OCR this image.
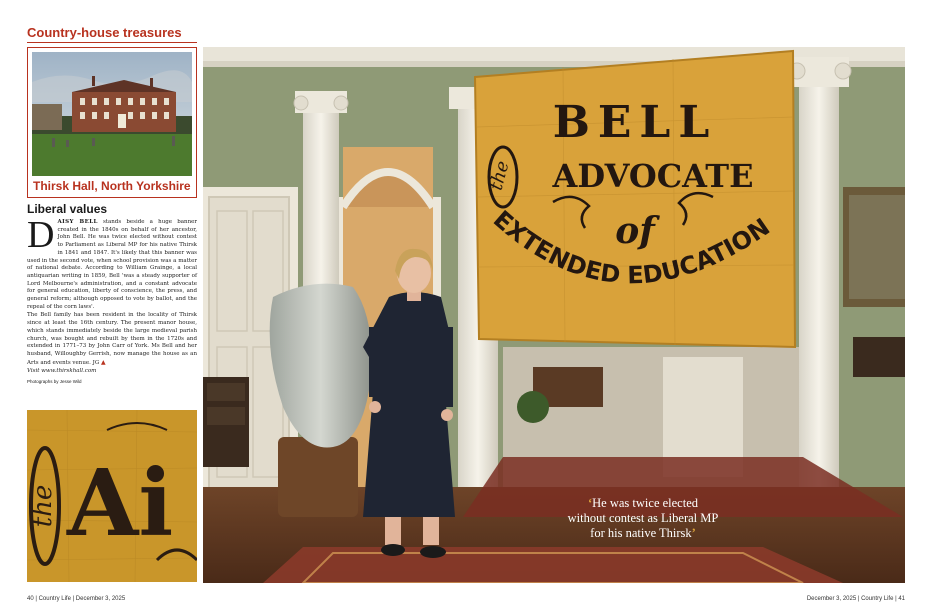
Country-house treasures
Thirsk Hall, North Yorkshire
Liberal values

DAISY BELL stands beside a huge banner created in the 1840s on behalf of her ancestor, John Bell. He was twice elected without contest to Parliament as Liberal MP for his native Thirsk in 1841 and 1847. It's likely that this banner was used in the second vote, when school provision was a matter of national debate. According to William Grainge, a local antiquarian writing in 1859, Bell 'was a steady supporter of Lord Melbourne's administration, and a constant advocate for general education, liberty of conscience, the press, and general reform; although opposed to vote by ballot, and the repeal of the corn laws'.

The Bell family has been resident in the locality of Thirsk since at least the 16th century. The present manor house, which stands immediately beside the large medieval parish church, was bought and rebuilt by them in the 1720s and extended in 1771–73 by John Carr of York. Ms Bell and her husband, Willoughby Gerrish, now manage the house as an Arts and events venue. JG ▲

Visit www.thirskhall.com

Photographs by Jesse Wild

the Ai
BELL
the ADVOCATE
of
EXTENDED EDUCATION
‘He was twice elected
without contest as Liberal MP
for his native Thirsk’
40 | Country Life | December 3, 2025	December 3, 2025 | Country Life | 41
